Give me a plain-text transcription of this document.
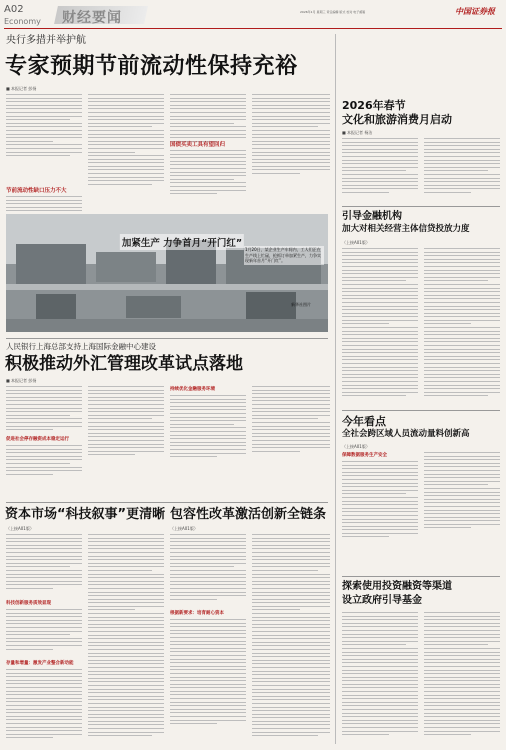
A02
Economy 财经要闻	2026年1月 星期三 责任编辑 版式 校对 电子邮箱	中国证券报
央行多措并举护航
专家预期节前流动性保持充裕
■ 本报记者 彭扬
节前流动性缺口压力不大
国债买卖工具有望回归
加紧生产 力争首月“开门红”
1月20日，某企业生产车间内，工人们正在生产线上忙碌，抢抓订单加紧生产，力争实现新年首月“开门红”。
新华社图片
人民银行上海总部支持上海国际金融中心建设
积极推动外汇管理改革试点落地
■ 本报记者 彭扬
促进社会停存融资成本稳定运行
持续优化金融服务环境
资本市场“科技叙事”更清晰
（上接A01版）
科技创新服务质效显现
存量和增量：激发产业整合新动能
包容性改革激活创新全链条
（上接A01版）
根据新要求：培育耐心资本
2026年春节
文化和旅游消费月启动
■ 本报记者 杨洁
引导金融机构
加大对相关经营主体信贷投放力度
（上接A01版）
今年看点
全社会跨区域人员流动量料创新高
（上接A01版）
保障数据服务生产安全
探索使用投资融资等渠道
设立政府引导基金
